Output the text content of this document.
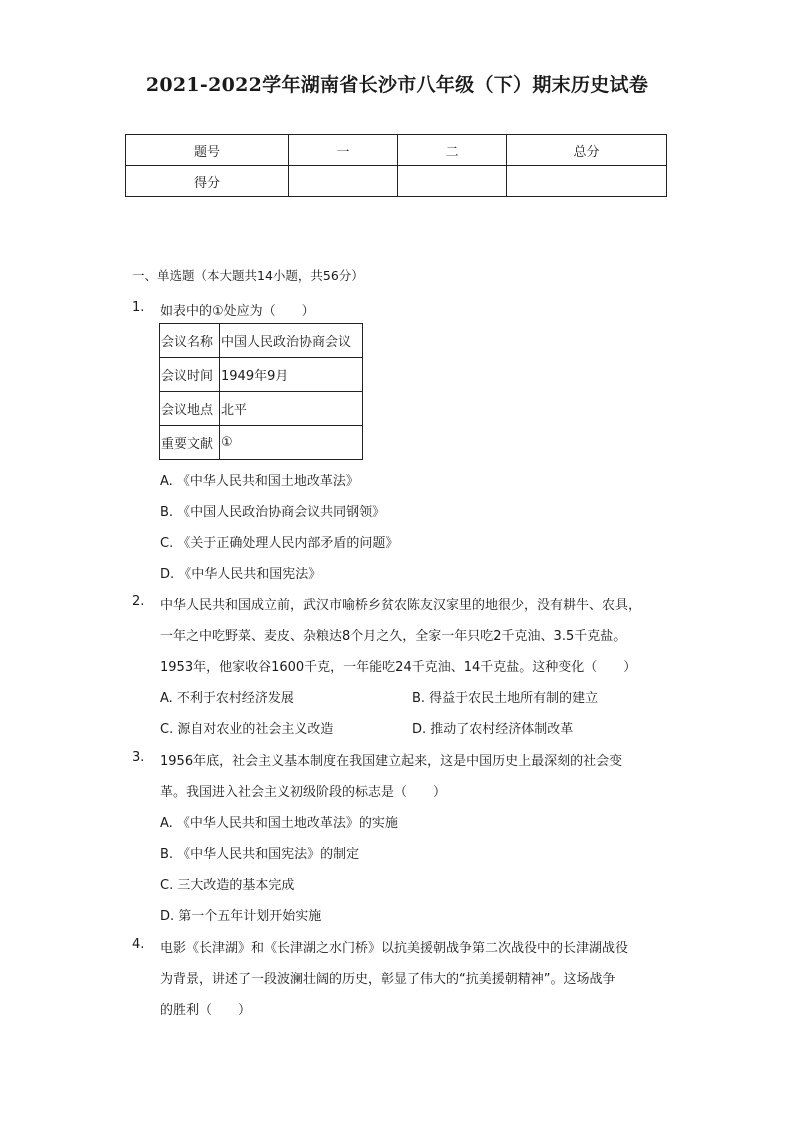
2021-2022学年湖南省长沙市八年级（下）期末历史试卷
题号	一	二	总分
得分			
一、单选题（本大题共14小题，共56分）
1.	如表中的①处应为（　　）
会议名称	中国人民政治协商会议
会议时间	1949年9月
会议地点	北平
重要文献	①
A. 《中华人民共和国土地改革法》
B. 《中国人民政治协商会议共同钢领》
C. 《关于正确处理人民内部矛盾的问题》
D. 《中华人民共和国宪法》
2.	中华人民共和国成立前，武汉市喻桥乡贫农陈友汉家里的地很少，没有耕牛、农具，
一年之中吃野菜、麦皮、杂粮达8个月之久，全家一年只吃2千克油、3.5千克盐。
1953年，他家收谷1600千克，一年能吃24千克油、14千克盐。这种变化（　　）
A. 不利于农村经济发展	B. 得益于农民土地所有制的建立
C. 源自对农业的社会主义改造	D. 推动了农村经济体制改革
3.	1956年底，社会主义基本制度在我国建立起来，这是中国历史上最深刻的社会变
革。我国进入社会主义初级阶段的标志是（　　）
A. 《中华人民共和国土地改革法》的实施
B. 《中华人民共和国宪法》的制定
C. 三大改造的基本完成
D. 第一个五年计划开始实施
4.	电影《长津湖》和《长津湖之水门桥》以抗美援朝战争第二次战役中的长津湖战役
为背景，讲述了一段波澜壮阔的历史，彰显了伟大的“抗美援朝精神”。这场战争
的胜利（　　）
